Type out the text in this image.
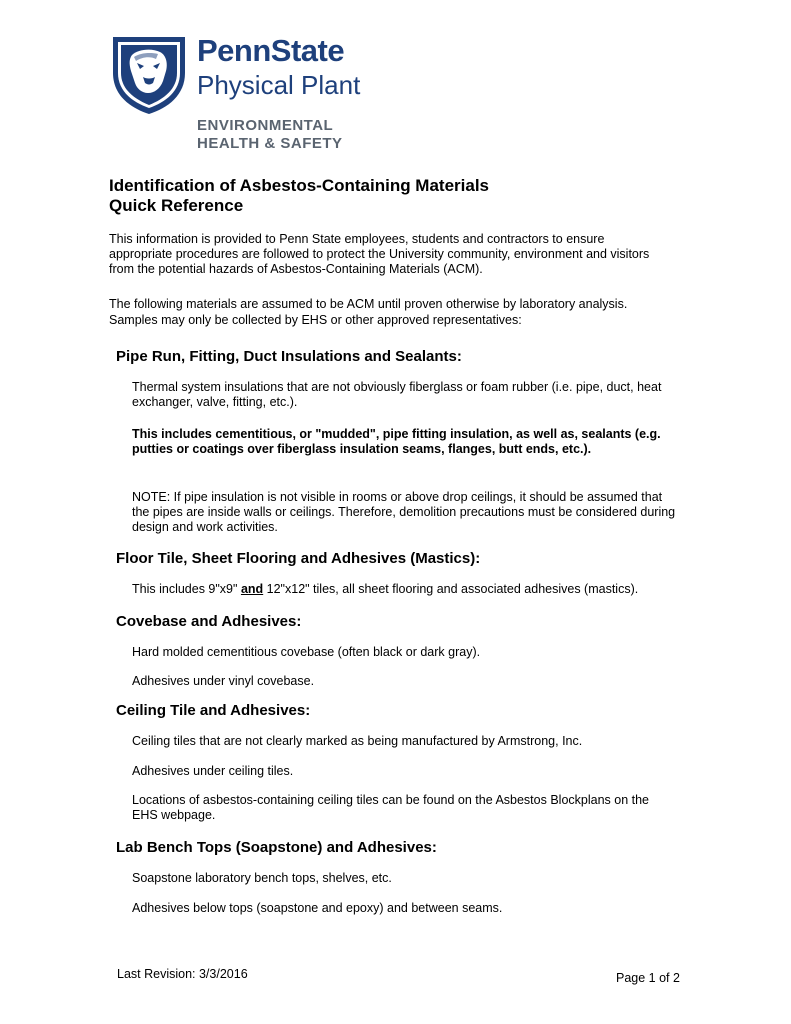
PennState
Physical Plant
ENVIRONMENTAL
HEALTH & SAFETY
Identification of Asbestos-Containing Materials
Quick Reference
This information is provided to Penn State employees, students and contractors to ensure appropriate procedures are followed to protect the University community, environment and visitors from the potential hazards of Asbestos-Containing Materials (ACM).
The following materials are assumed to be ACM until proven otherwise by laboratory analysis.
Samples may only be collected by EHS or other approved representatives:
Pipe Run, Fitting, Duct Insulations and Sealants:
Thermal system insulations that are not obviously fiberglass or foam rubber (i.e. pipe, duct, heat exchanger, valve, fitting, etc.).
This includes cementitious, or "mudded", pipe fitting insulation, as well as, sealants (e.g. putties or coatings over fiberglass insulation seams, flanges, butt ends, etc.).
NOTE: If pipe insulation is not visible in rooms or above drop ceilings, it should be assumed that the pipes are inside walls or ceilings. Therefore, demolition precautions must be considered during design and work activities.
Floor Tile, Sheet Flooring and Adhesives (Mastics):
This includes 9"x9" and 12"x12" tiles, all sheet flooring and associated adhesives (mastics).
Covebase and Adhesives:
Hard molded cementitious covebase (often black or dark gray).
Adhesives under vinyl covebase.
Ceiling Tile and Adhesives:
Ceiling tiles that are not clearly marked as being manufactured by Armstrong, Inc.
Adhesives under ceiling tiles.
Locations of asbestos-containing ceiling tiles can be found on the Asbestos Blockplans on the EHS webpage.
Lab Bench Tops (Soapstone) and Adhesives:
Soapstone laboratory bench tops, shelves, etc.
Adhesives below tops (soapstone and epoxy) and between seams.
Last Revision: 3/3/2016	Page 1 of 2
